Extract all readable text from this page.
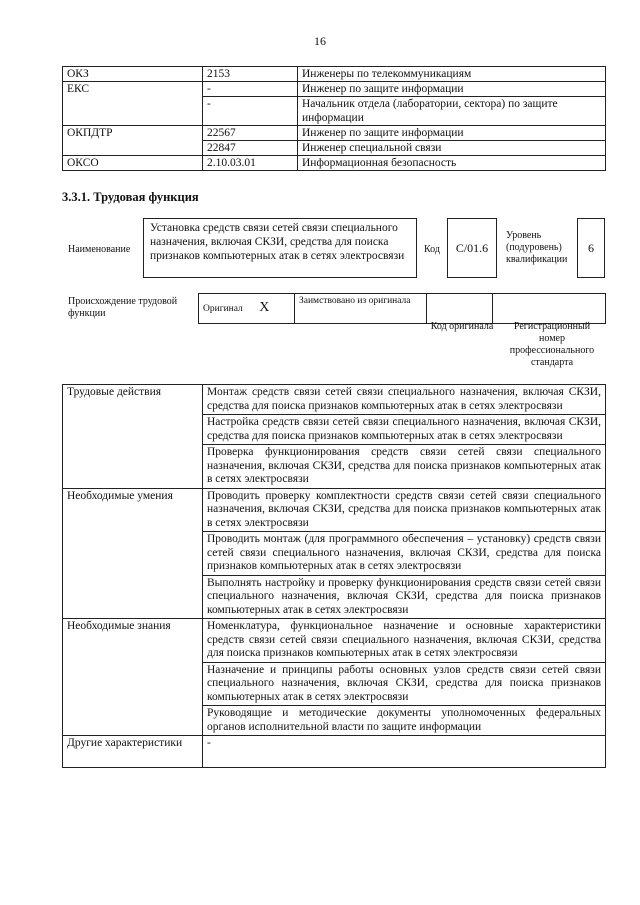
16
ОКЗ	2153	Инженеры по телекоммуникациям
ЕКС	-	Инженер по защите информации
	-	Начальник отдела (лаборатории, сектора) по защите информации
ОКПДТР	22567	Инженер по защите информации
	22847	Инженер специальной связи
ОКСО	2.10.03.01	Информационная безопасность
3.3.1. Трудовая функция
Наименование
Установка средств связи сетей связи специального назначения, включая СКЗИ, средства для поиска признаков компьютерных атак в сетях электросвязи
Код	C/01.6
Уровень (подуровень) квалификации
6
Происхождение трудовой функции	Оригинал X	Заимствовано из оригинала		
Код оригинала	Регистрационный номер профессионального стандарта
Трудовые действия	Монтаж средств связи сетей связи специального назначения, включая СКЗИ, средства для поиска признаков компьютерных атак в сетях электросвязи
	Настройка средств связи сетей связи специального назначения, включая СКЗИ, средства для поиска признаков компьютерных атак в сетях электросвязи
	Проверка функционирования средств связи сетей связи специального назначения, включая СКЗИ, средства для поиска признаков компьютерных атак в сетях электросвязи
Необходимые умения	Проводить проверку комплектности средств связи сетей связи специального назначения, включая СКЗИ, средства для поиска признаков компьютерных атак в сетях электросвязи
	Проводить монтаж (для программного обеспечения – установку) средств связи сетей связи специального назначения, включая СКЗИ, средства для поиска признаков компьютерных атак в сетях электросвязи
	Выполнять настройку и проверку функционирования средств связи сетей связи специального назначения, включая СКЗИ, средства для поиска признаков компьютерных атак в сетях электросвязи
Необходимые знания	Номенклатура, функциональное назначение и основные характеристики средств связи сетей связи специального назначения, включая СКЗИ, средства для поиска признаков компьютерных атак в сетях электросвязи
	Назначение и принципы работы основных узлов средств связи сетей связи специального назначения, включая СКЗИ, средства для поиска признаков компьютерных атак в сетях электросвязи
	Руководящие и методические документы уполномоченных федеральных органов исполнительной власти по защите информации
Другие характеристики	-
